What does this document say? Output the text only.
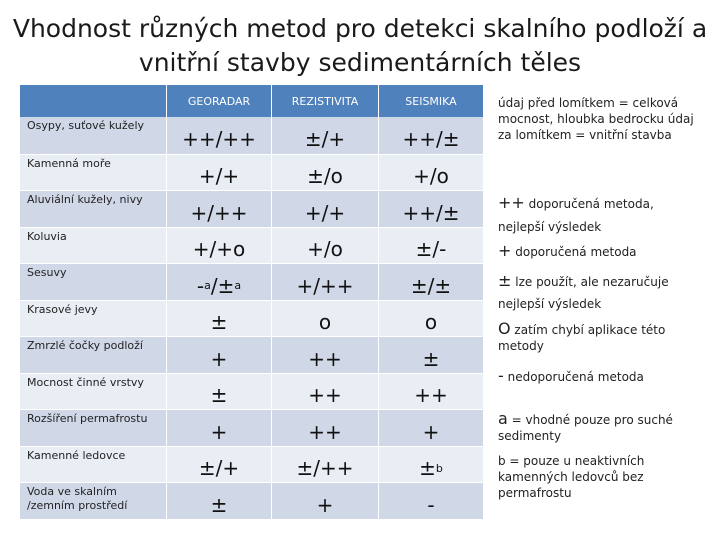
Vhodnost různých metod pro detekci skalního podloží a
vnitřní stavby sedimentárních těles
GEORADAR	REZISTIVITA	SEISMIKA
Osypy, suťové kužely
++/++	±/+	++/±
Kamenná moře
+/+	±/o	+/o
Aluviální kužely, nivy
+/++	+/+	++/±
Koluvia
+/+o	+/o	±/-
Sesuvy
- a /± a	+/++	±/±
Krasové jevy
±	o	o
Zmrzlé čočky podloží
+	++	±
Mocnost činné vrstvy
±	++	++
Rozšíření permafrostu
+	++	+
Kamenné ledovce
±/+	±/++	± b
Voda ve skalním /zemním prostředí	±	+	-
údaj před lomítkem = celková mocnost, hloubka bedrocku údaj za lomítkem = vnitřní stavba
++ doporučená metoda,
nejlepší výsledek
+ doporučená metoda
± lze použít, ale nezaručuje
nejlepší výsledek
O zatím chybí aplikace této metody
- nedoporučená metoda
a = vhodné pouze pro suché sedimenty
b = pouze u neaktivních kamenných ledovců bez permafrostu
